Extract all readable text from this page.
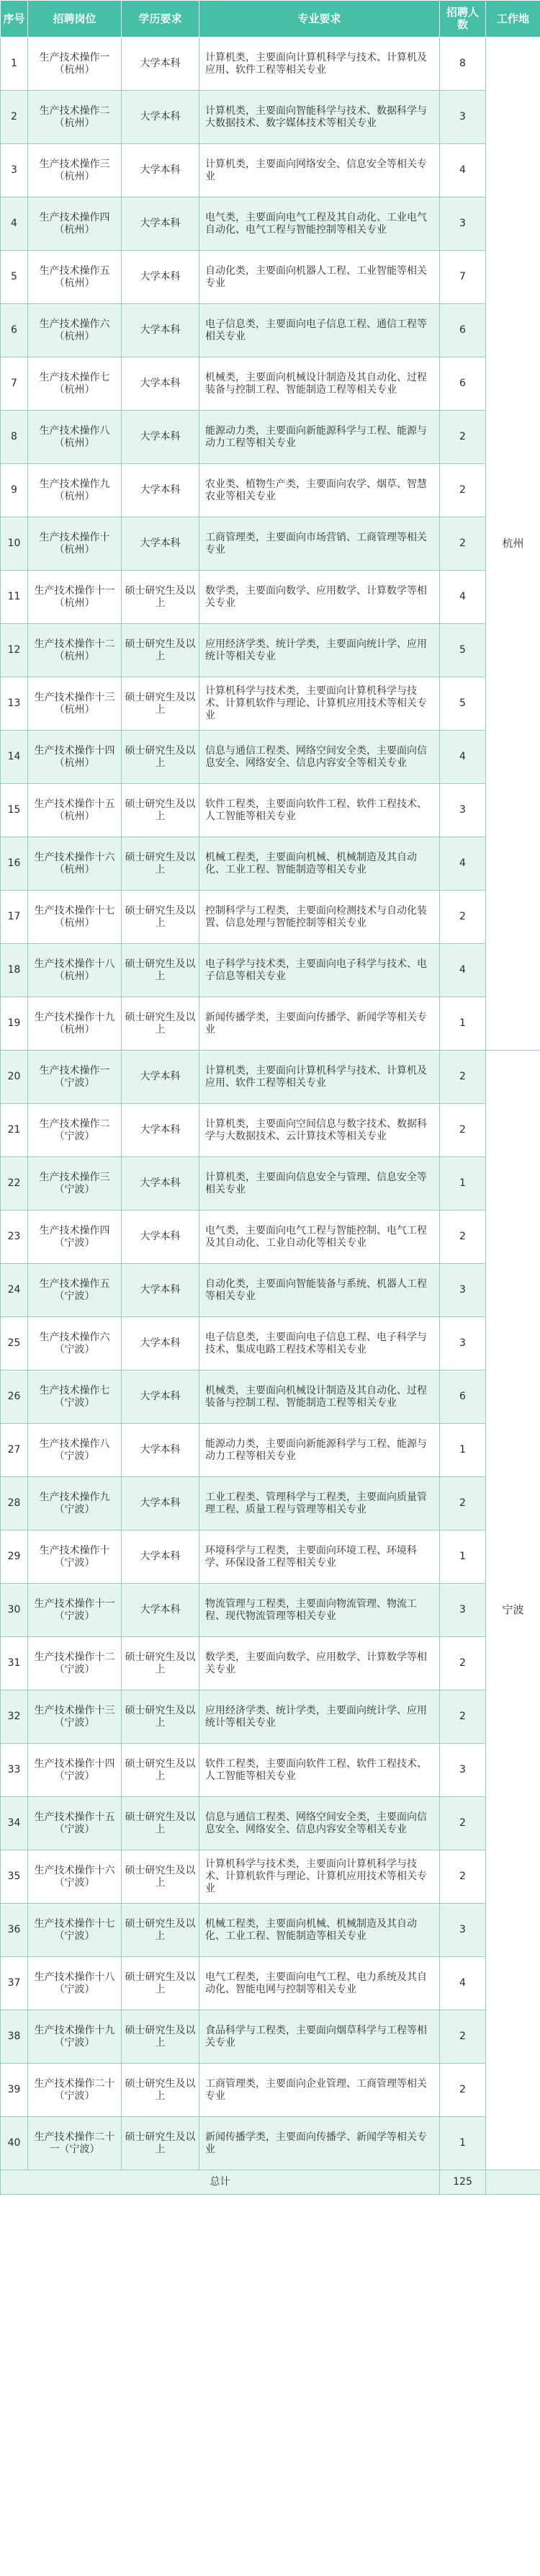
序号	招聘岗位	学历要求	专业要求	招聘人数	工作地
1	生产技术操作一（杭州）	大学本科	计算机类，主要面向计算机科学与技术、计算机及应用、软件工程等相关专业	8	杭州
2	生产技术操作二（杭州）	大学本科	计算机类，主要面向智能科学与技术、数据科学与大数据技术、数字媒体技术等相关专业	3	
3	生产技术操作三（杭州）	大学本科	计算机类，主要面向网络安全、信息安全等相关专业	4	
4	生产技术操作四（杭州）	大学本科	电气类，主要面向电气工程及其自动化、工业电气自动化、电气工程与智能控制等相关专业	3	
5	生产技术操作五（杭州）	大学本科	自动化类，主要面向机器人工程、工业智能等相关专业	7	
6	生产技术操作六（杭州）	大学本科	电子信息类，主要面向电子信息工程、通信工程等相关专业	6	
7	生产技术操作七（杭州）	大学本科	机械类，主要面向机械设计制造及其自动化、过程装备与控制工程、智能制造工程等相关专业	6	
8	生产技术操作八（杭州）	大学本科	能源动力类，主要面向新能源科学与工程、能源与动力工程等相关专业	2	
9	生产技术操作九（杭州）	大学本科	农业类、植物生产类，主要面向农学、烟草、智慧农业等相关专业	2	
10	生产技术操作十（杭州）	大学本科	工商管理类，主要面向市场营销、工商管理等相关专业	2	
11	生产技术操作十一（杭州）	硕士研究生及以上	数学类，主要面向数学、应用数学、计算数学等相关专业	4	
12	生产技术操作十二（杭州）	硕士研究生及以上	应用经济学类、统计学类，主要面向统计学、应用统计等相关专业	5	
13	生产技术操作十三（杭州）	硕士研究生及以上	计算机科学与技术类，主要面向计算机科学与技术、计算机软件与理论、计算机应用技术等相关专业	5	
14	生产技术操作十四（杭州）	硕士研究生及以上	信息与通信工程类、网络空间安全类，主要面向信息安全、网络安全、信息内容安全等相关专业	4	
15	生产技术操作十五（杭州）	硕士研究生及以上	软件工程类，主要面向软件工程、软件工程技术、人工智能等相关专业	3	
16	生产技术操作十六（杭州）	硕士研究生及以上	机械工程类，主要面向机械、机械制造及其自动化、工业工程、智能制造等相关专业	4	
17	生产技术操作十七（杭州）	硕士研究生及以上	控制科学与工程类，主要面向检测技术与自动化装置、信息处理与智能控制等相关专业	2	
18	生产技术操作十八（杭州）	硕士研究生及以上	电子科学与技术类，主要面向电子科学与技术、电子信息等相关专业	4	
19	生产技术操作十九（杭州）	硕士研究生及以上	新闻传播学类，主要面向传播学、新闻学等相关专业	1	
20	生产技术操作一（宁波）	大学本科	计算机类，主要面向计算机科学与技术、计算机及应用、软件工程等相关专业	2	宁波
21	生产技术操作二（宁波）	大学本科	计算机类，主要面向空间信息与数字技术、数据科学与大数据技术、云计算技术等相关专业	2	
22	生产技术操作三（宁波）	大学本科	计算机类，主要面向信息安全与管理、信息安全等相关专业	1	
23	生产技术操作四（宁波）	大学本科	电气类，主要面向电气工程与智能控制、电气工程及其自动化、工业自动化等相关专业	2	
24	生产技术操作五（宁波）	大学本科	自动化类，主要面向智能装备与系统、机器人工程等相关专业	3	
25	生产技术操作六（宁波）	大学本科	电子信息类，主要面向电子信息工程、电子科学与技术、集成电路工程技术等相关专业	3	
26	生产技术操作七（宁波）	大学本科	机械类，主要面向机械设计制造及其自动化、过程装备与控制工程、智能制造工程等相关专业	6	
27	生产技术操作八（宁波）	大学本科	能源动力类，主要面向新能源科学与工程、能源与动力工程等相关专业	1	
28	生产技术操作九（宁波）	大学本科	工业工程类、管理科学与工程类，主要面向质量管理工程、质量工程与管理等相关专业	2	
29	生产技术操作十（宁波）	大学本科	环境科学与工程类，主要面向环境工程、环境科学、环保设备工程等相关专业	1	
30	生产技术操作十一（宁波）	大学本科	物流管理与工程类，主要面向物流管理、物流工程、现代物流管理等相关专业	3	
31	生产技术操作十二（宁波）	硕士研究生及以上	数学类，主要面向数学、应用数学、计算数学等相关专业	2	
32	生产技术操作十三（宁波）	硕士研究生及以上	应用经济学类、统计学类，主要面向统计学、应用统计等相关专业	2	
33	生产技术操作十四（宁波）	硕士研究生及以上	软件工程类，主要面向软件工程、软件工程技术、人工智能等相关专业	3	
34	生产技术操作十五（宁波）	硕士研究生及以上	信息与通信工程类、网络空间安全类，主要面向信息安全、网络安全、信息内容安全等相关专业	2	
35	生产技术操作十六（宁波）	硕士研究生及以上	计算机科学与技术类，主要面向计算机科学与技术、计算机软件与理论、计算机应用技术等相关专业	2	
36	生产技术操作十七（宁波）	硕士研究生及以上	机械工程类，主要面向机械、机械制造及其自动化、工业工程、智能制造等相关专业	3	
37	生产技术操作十八（宁波）	硕士研究生及以上	电气工程类，主要面向电气工程、电力系统及其自动化、智能电网与控制等相关专业	4	
38	生产技术操作十九（宁波）	硕士研究生及以上	食品科学与工程类，主要面向烟草科学与工程等相关专业	2	
39	生产技术操作二十（宁波）	硕士研究生及以上	工商管理类，主要面向企业管理、工商管理等相关专业	2	
40	生产技术操作二十一（宁波）	硕士研究生及以上	新闻传播学类，主要面向传播学、新闻学等相关专业	1	
总计				125	
